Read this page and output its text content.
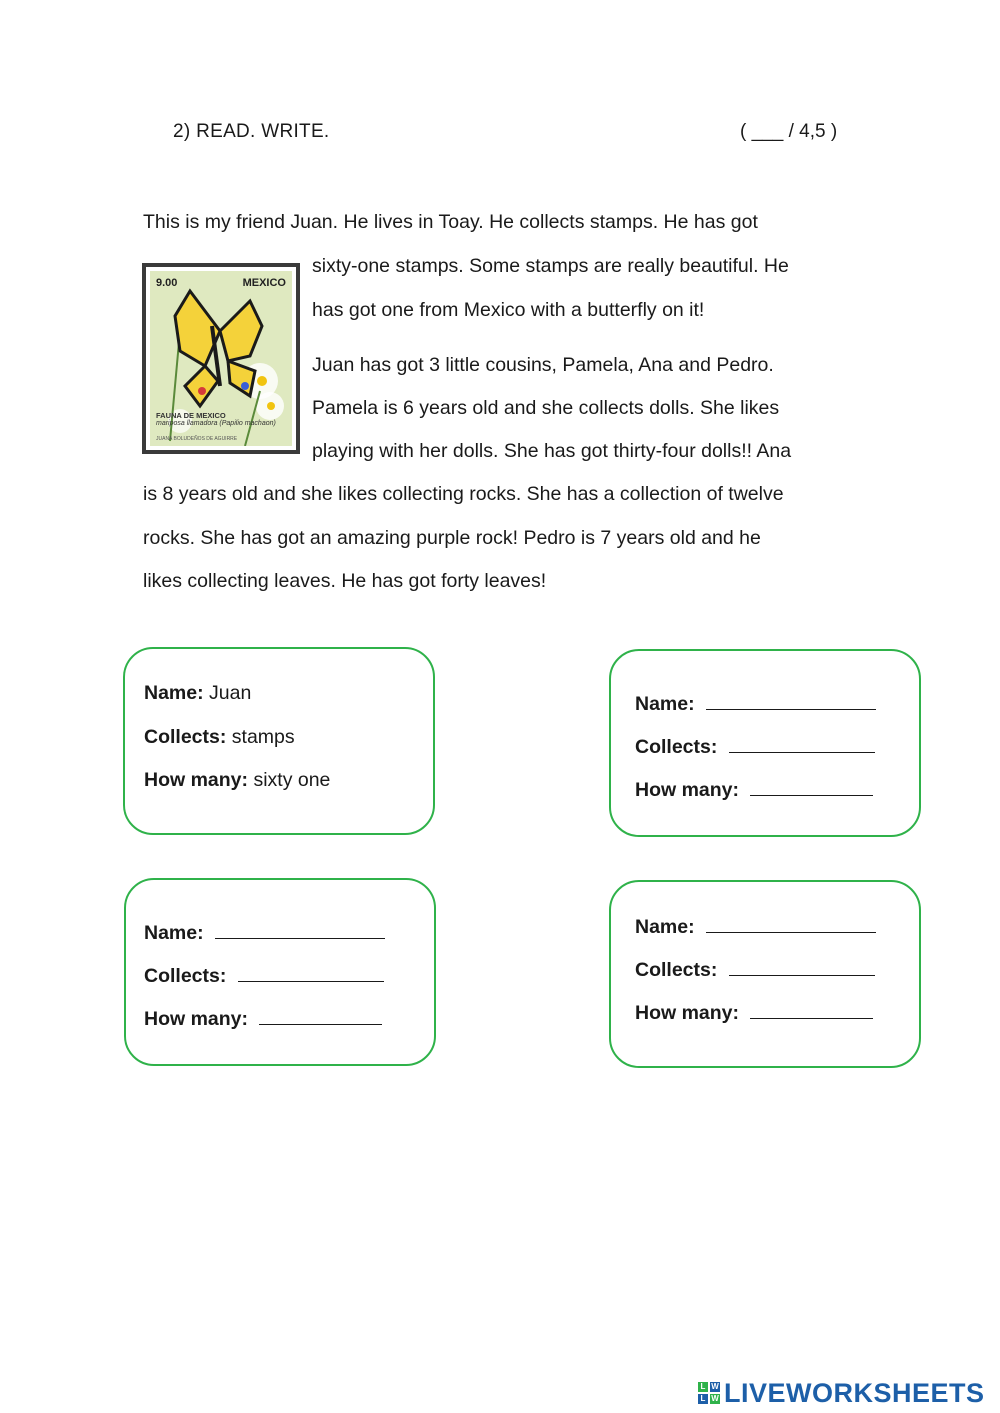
2) READ. WRITE.	( ___ / 4,5 )
This is my friend Juan. He lives in Toay. He collects stamps. He has got
sixty-one stamps. Some stamps are really beautiful. He
has got one from Mexico with a butterfly on it!
Juan has got 3 little cousins, Pamela, Ana and Pedro.
Pamela is 6 years old and she collects dolls. She likes
playing with her dolls. She has got thirty-four dolls!! Ana
is 8 years old and she likes collecting rocks. She has a collection of twelve
rocks. She has got an amazing purple rock! Pedro is 7 years old and he
likes collecting leaves. He has got forty leaves!
9.00	MEXICO
FAUNA DE MEXICO
mariposa llamadora (Papilio machaon)
JUANA BOLUDEÑOS DE AGUIRRE
Name: Juan
Collects: stamps
How many: sixty one
Name:
Collects:
How many:
Name:
Collects:
How many:
Name:
Collects:
How many:
L W
L W LIVEWORKSHEETS
